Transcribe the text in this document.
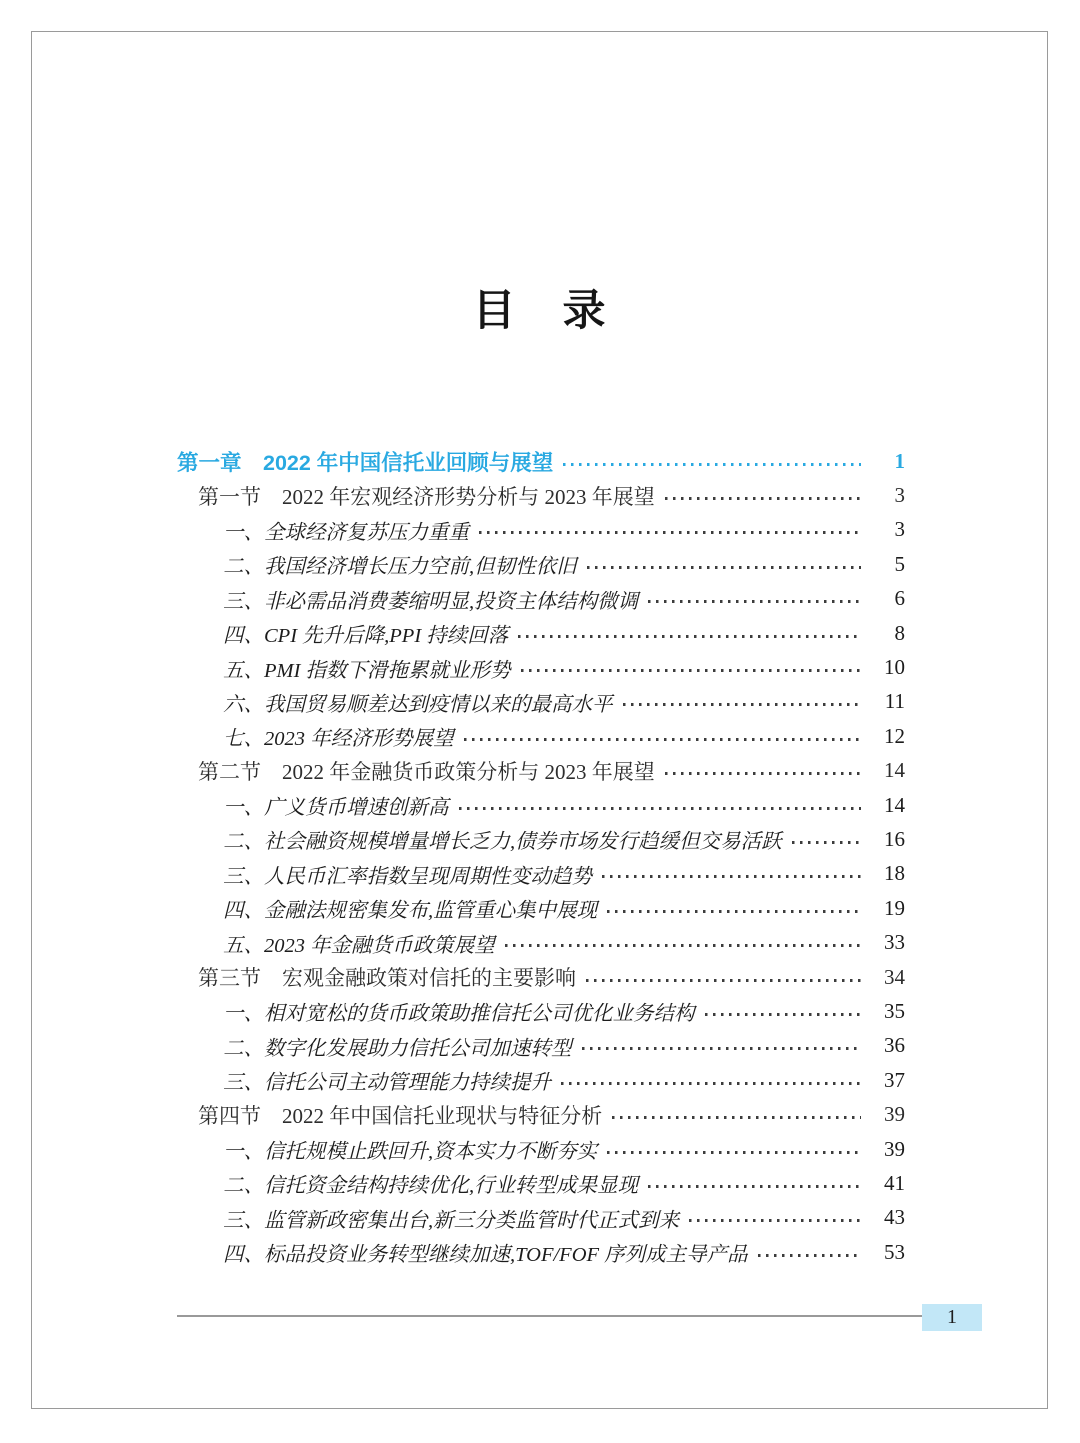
目　录
第一章　2022 年中国信托业回顾与展望	1
第一节　2022 年宏观经济形势分析与 2023 年展望	3
一、全球经济复苏压力重重	3
二、我国经济增长压力空前,但韧性依旧	5
三、非必需品消费萎缩明显,投资主体结构微调	6
四、CPI 先升后降,PPI 持续回落	8
五、PMI 指数下滑拖累就业形势	10
六、我国贸易顺差达到疫情以来的最高水平	11
七、2023 年经济形势展望	12
第二节　2022 年金融货币政策分析与 2023 年展望	14
一、广义货币增速创新高	14
二、社会融资规模增量增长乏力,债券市场发行趋缓但交易活跃	16
三、人民币汇率指数呈现周期性变动趋势	18
四、金融法规密集发布,监管重心集中展现	19
五、2023 年金融货币政策展望	33
第三节　宏观金融政策对信托的主要影响	34
一、相对宽松的货币政策助推信托公司优化业务结构	35
二、数字化发展助力信托公司加速转型	36
三、信托公司主动管理能力持续提升	37
第四节　2022 年中国信托业现状与特征分析	39
一、信托规模止跌回升,资本实力不断夯实	39
二、信托资金结构持续优化,行业转型成果显现	41
三、监管新政密集出台,新三分类监管时代正式到来	43
四、标品投资业务转型继续加速,TOF/FOF 序列成主导产品	53
1
